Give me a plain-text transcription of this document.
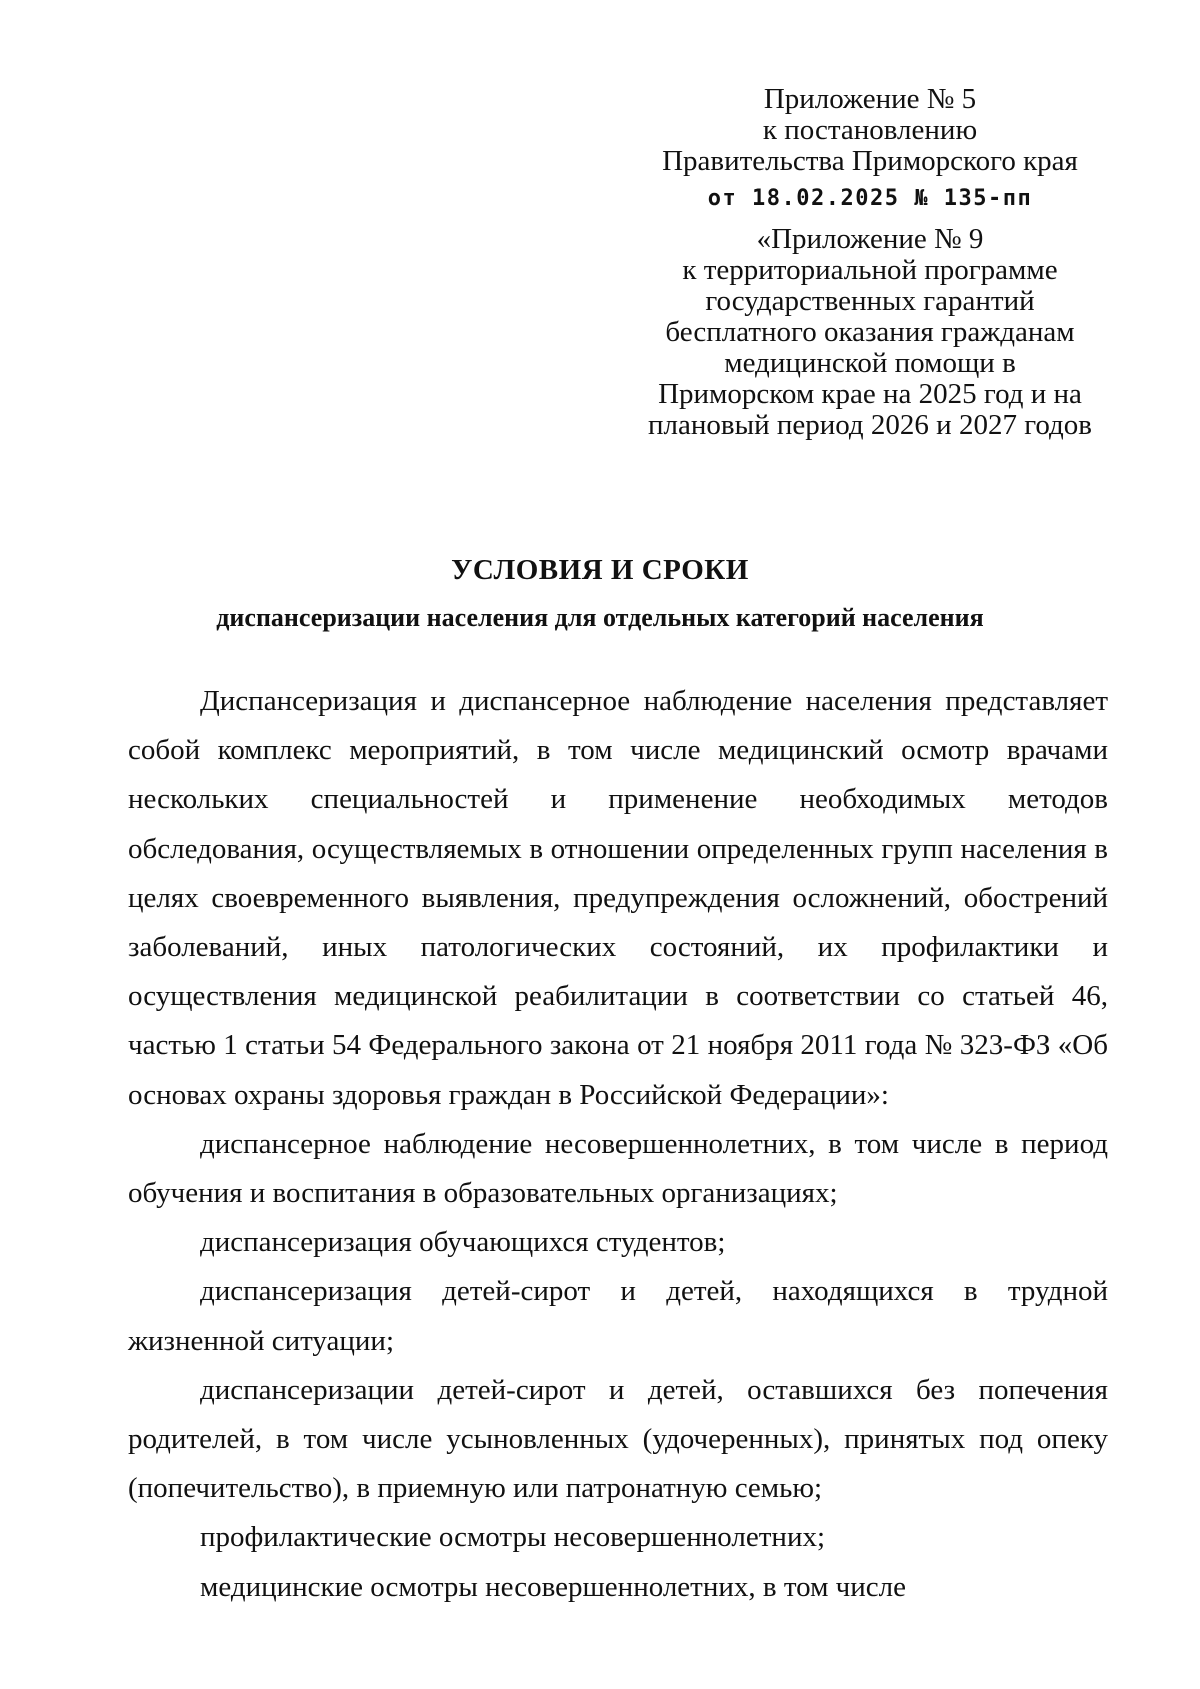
Приложение № 5
к постановлению
Правительства Приморского края
от 18.02.2025 № 135-пп
«Приложение № 9
к территориальной программе
государственных гарантий
бесплатного оказания гражданам
медицинской помощи в
Приморском крае на 2025 год и на
плановый период 2026 и 2027 годов
УСЛОВИЯ И СРОКИ
диспансеризации населения для отдельных категорий населения

Диспансеризация и диспансерное наблюдение населения представляет собой комплекс мероприятий, в том числе медицинский осмотр врачами нескольких специальностей и применение необходимых методов обследования, осуществляемых в отношении определенных групп населения в целях своевременного выявления, предупреждения осложнений, обострений заболеваний, иных патологических состояний, их профилактики и осуществления медицинской реабилитации в соответствии со статьей 46, частью 1 статьи 54 Федерального закона от 21 ноября 2011 года № 323-ФЗ «Об основах охраны здоровья граждан в Российской Федерации»:

диспансерное наблюдение несовершеннолетних, в том числе в период обучения и воспитания в образовательных организациях;

диспансеризация обучающихся студентов;

диспансеризация детей-сирот и детей, находящихся в трудной жизненной ситуации;

диспансеризации детей-сирот и детей, оставшихся без попечения родителей, в том числе усыновленных (удочеренных), принятых под опеку (попечительство), в приемную или патронатную семью;

профилактические осмотры несовершеннолетних;

медицинские осмотры несовершеннолетних, в том числе
